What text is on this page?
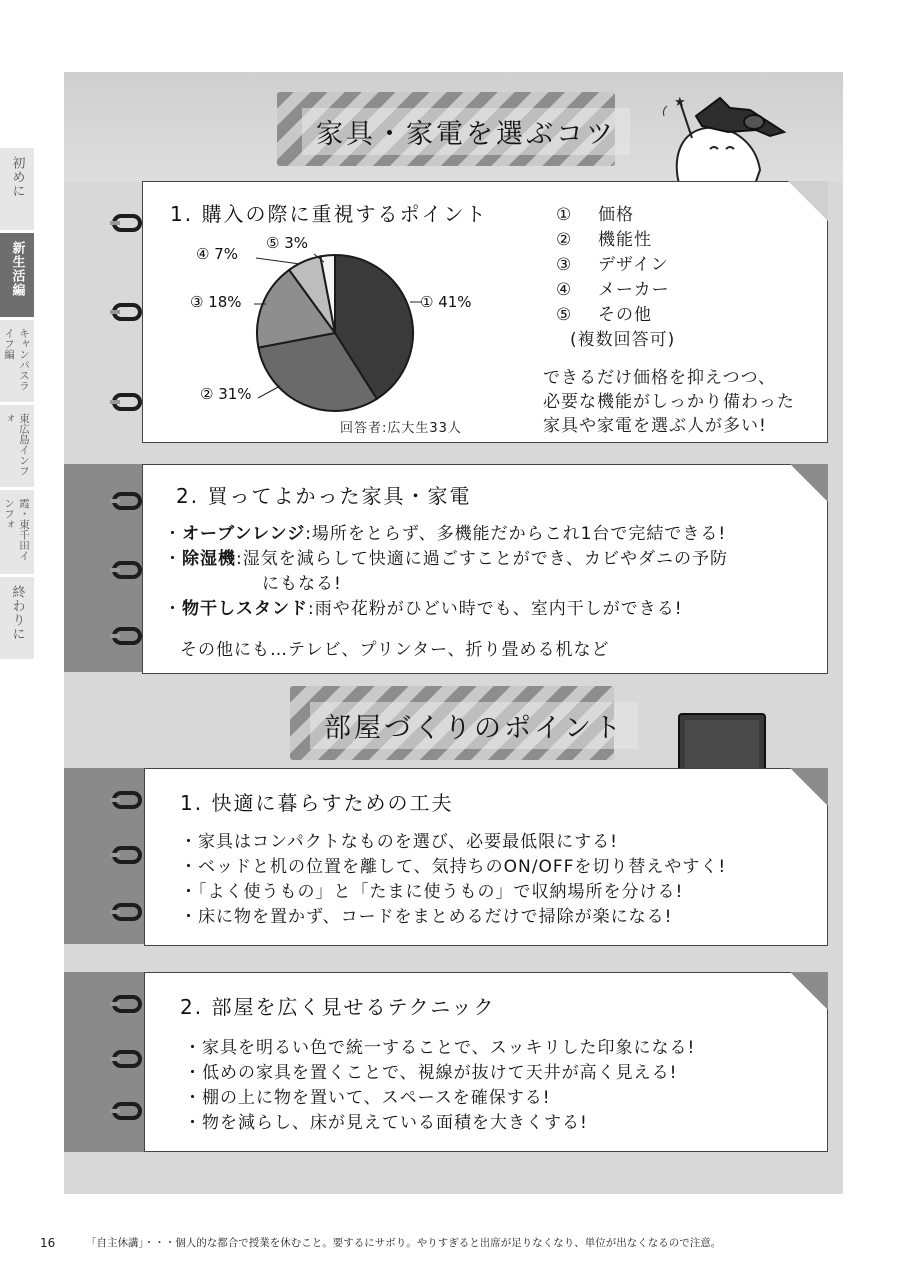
初めに
新生活編
キャンパスライフ編
東広島インフォ
霞・東千田インフォ
終わりに
家具・家電を選ぶコツ
★
1. 購入の際に重視するポイント
④ 7%
⑤ 3%
③ 18%	① 41%
② 31%
①	価格
②	機能性
③	デザイン
④	メーカー
⑤	その他
(複数回答可)
できるだけ価格を抑えつつ、
必要な機能がしっかり備わった
家具や家電を選ぶ人が多い!
回答者:広大生33人
2. 買ってよかった家具・家電
・オーブンレンジ:場所をとらず、多機能だからこれ1台で完結できる!
・除湿機:湿気を減らして快適に過ごすことができ、カビやダニの予防
にもなる!
・物干しスタンド:雨や花粉がひどい時でも、室内干しができる!
その他にも…テレビ、プリンター、折り畳める机など
部屋づくりのポイント
1. 快適に暮らすための工夫
・家具はコンパクトなものを選び、必要最低限にする!
・ベッドと机の位置を離して、気持ちのON/OFFを切り替えやすく!
・「よく使うもの」と「たまに使うもの」で収納場所を分ける!
・床に物を置かず、コードをまとめるだけで掃除が楽になる!
2. 部屋を広く見せるテクニック
・家具を明るい色で統一することで、スッキリした印象になる!
・低めの家具を置くことで、視線が抜けて天井が高く見える!
・棚の上に物を置いて、スペースを確保する!
・物を減らし、床が見えている面積を大きくする!
16	「自主休講」・・・個人的な都合で授業を休むこと。要するにサボり。やりすぎると出席が足りなくなり、単位が出なくなるので注意。
